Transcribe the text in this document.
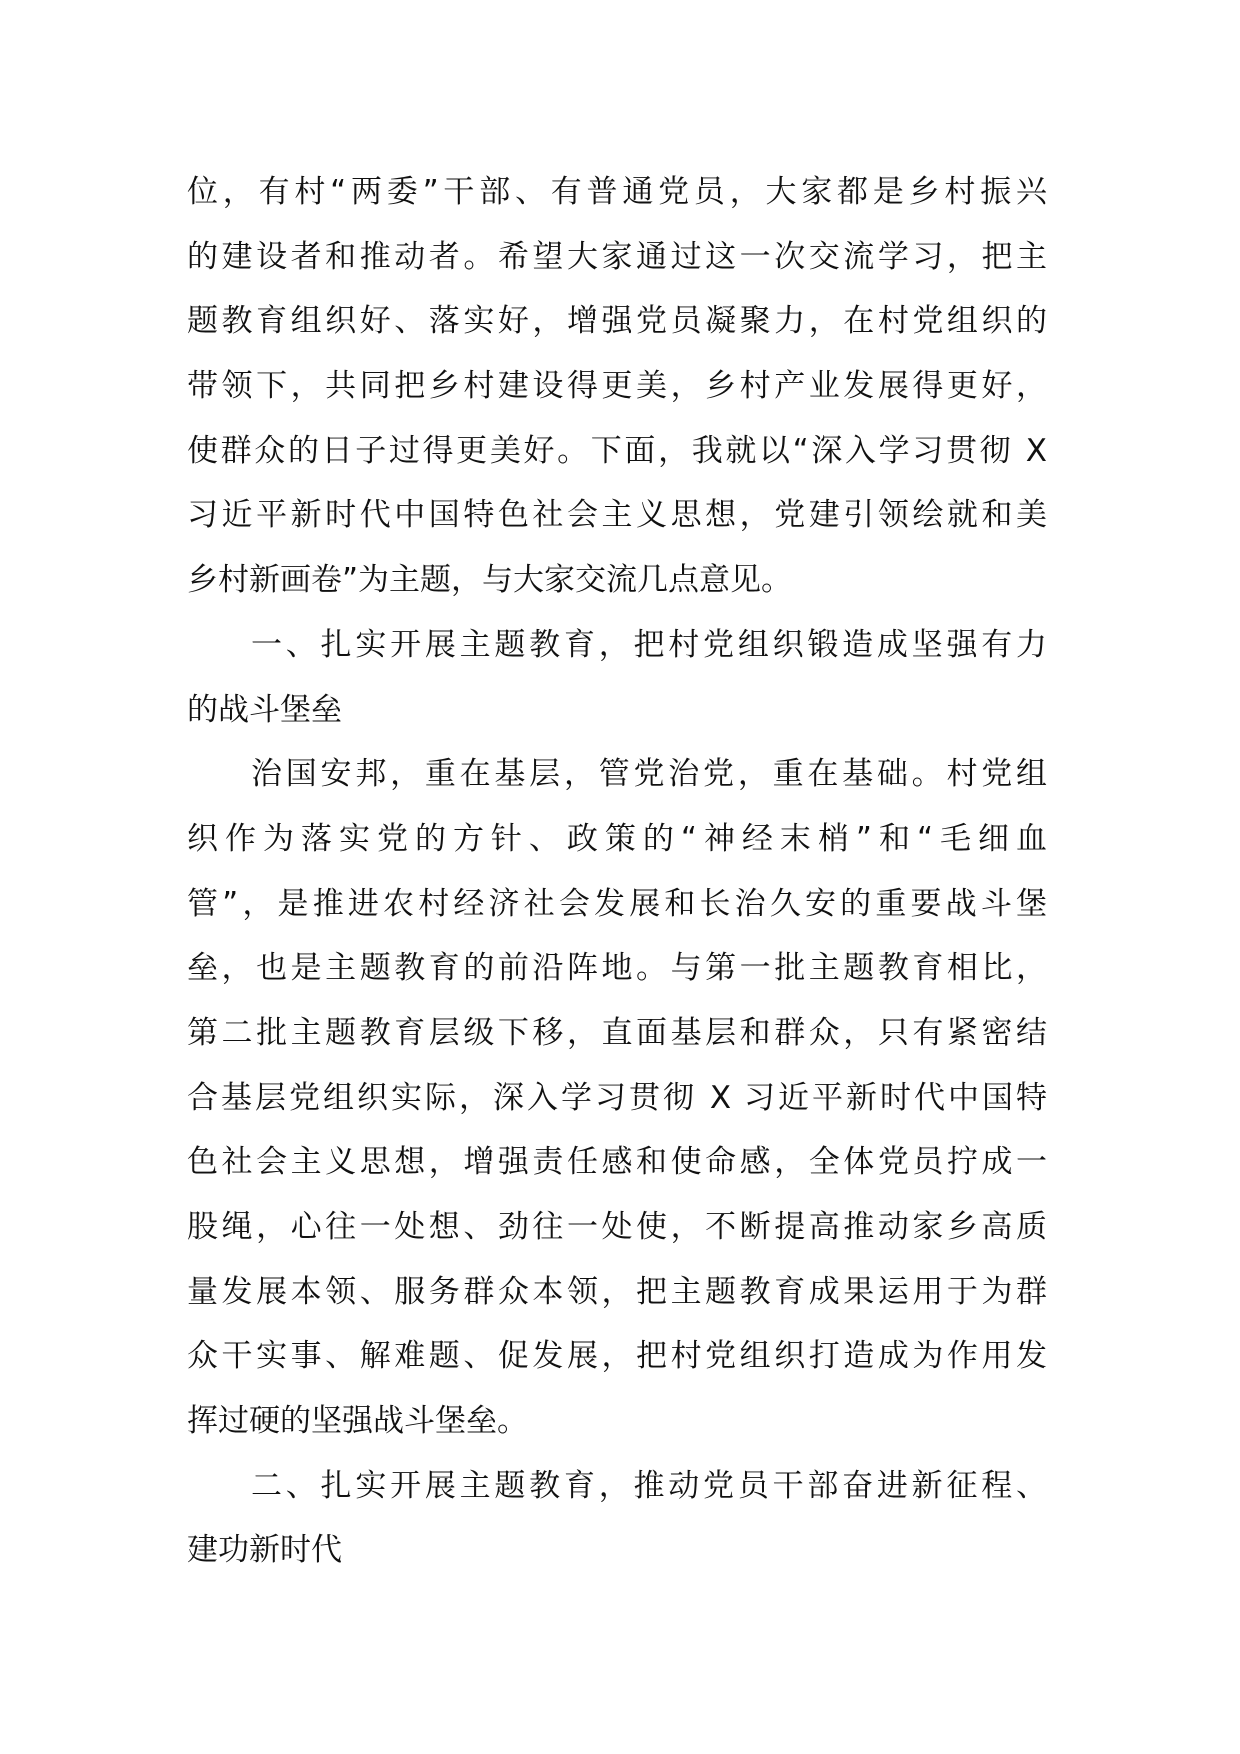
位，有村“两委”干部、有普通党员，大家都是乡村振兴
的建设者和推动者。希望大家通过这一次交流学习，把主
题教育组织好、落实好，增强党员凝聚力，在村党组织的
带领下，共同把乡村建设得更美，乡村产业发展得更好，
使群众的日子过得更美好。下面，我就以“深入学习贯彻 X
习近平新时代中国特色社会主义思想，党建引领绘就和美
乡村新画卷”为主题，与大家交流几点意见。
一、扎实开展主题教育，把村党组织锻造成坚强有力
的战斗堡垒
治国安邦，重在基层，管党治党，重在基础。村党组
织作为落实党的方针、政策的“神经末梢”和“毛细血
管”，是推进农村经济社会发展和长治久安的重要战斗堡
垒，也是主题教育的前沿阵地。与第一批主题教育相比，
第二批主题教育层级下移，直面基层和群众，只有紧密结
合基层党组织实际，深入学习贯彻 X 习近平新时代中国特
色社会主义思想，增强责任感和使命感，全体党员拧成一
股绳，心往一处想、劲往一处使，不断提高推动家乡高质
量发展本领、服务群众本领，把主题教育成果运用于为群
众干实事、解难题、促发展，把村党组织打造成为作用发
挥过硬的坚强战斗堡垒。
二、扎实开展主题教育，推动党员干部奋进新征程、
建功新时代
